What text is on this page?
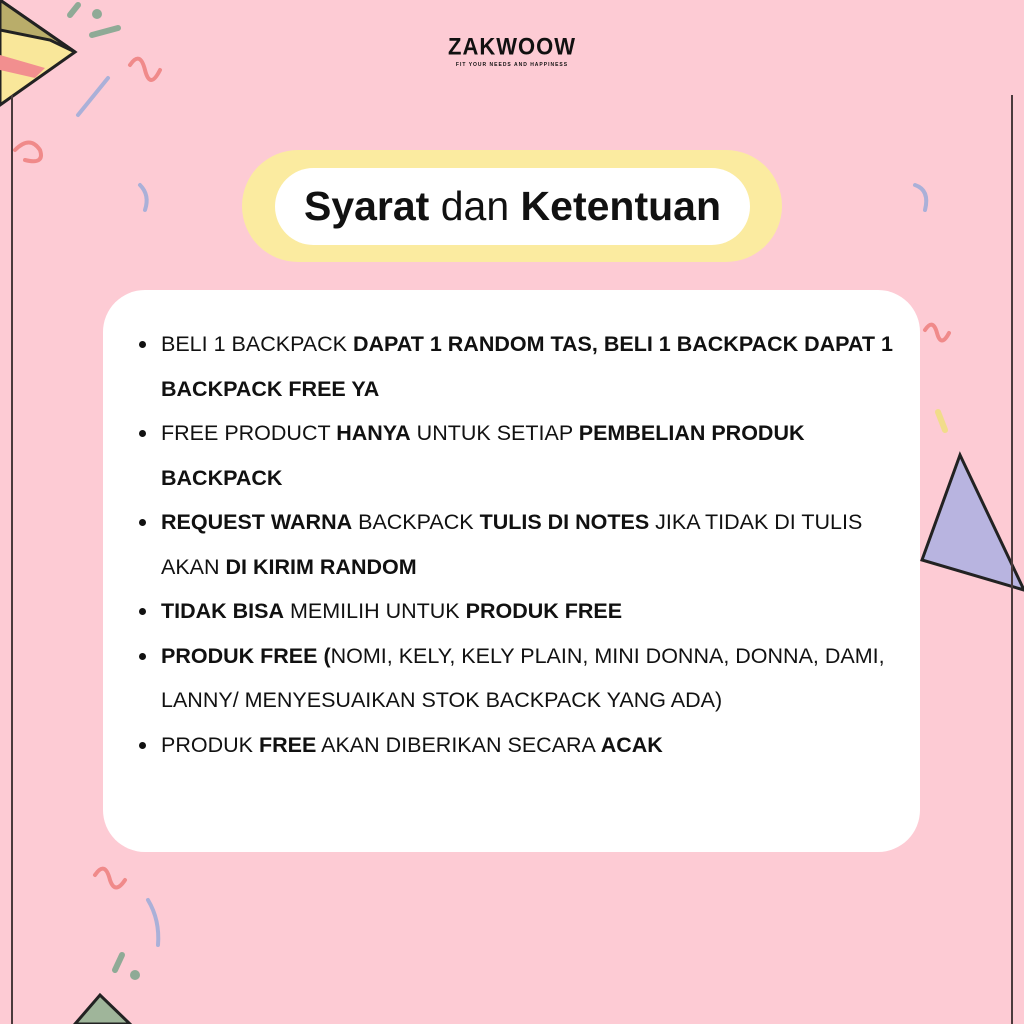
ZAKWOOW
FIT YOUR NEEDS AND HAPPINESS
Syarat dan Ketentuan
BELI 1 BACKPACK DAPAT 1 RANDOM TAS, BELI 1 BACKPACK DAPAT 1 BACKPACK FREE YA
FREE PRODUCT HANYA UNTUK SETIAP PEMBELIAN PRODUK BACKPACK
REQUEST WARNA BACKPACK TULIS DI NOTES JIKA TIDAK DI TULIS AKAN DI KIRIM RANDOM
TIDAK BISA MEMILIH UNTUK PRODUK FREE
PRODUK FREE (NOMI, KELY, KELY PLAIN, MINI DONNA, DONNA, DAMI, LANNY/ MENYESUAIKAN STOK BACKPACK YANG ADA)
PRODUK FREE AKAN DIBERIKAN SECARA ACAK
